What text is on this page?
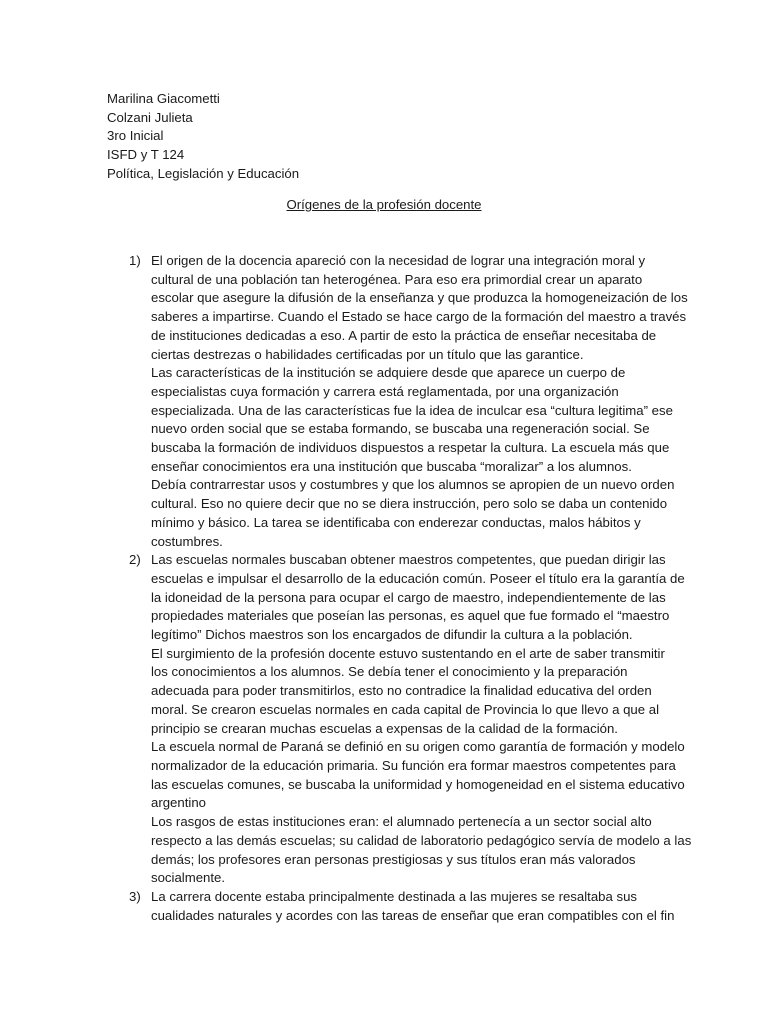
Marilina Giacometti
Colzani Julieta
3ro Inicial
ISFD y T 124
Política, Legislación y Educación
Orígenes de la profesión docente
1) El origen de la docencia apareció con la necesidad de lograr una integración moral y
cultural de una población tan heterogénea. Para eso era primordial crear un aparato
escolar que asegure la difusión de la enseñanza y que produzca la homogeneización de los
saberes a impartirse. Cuando el Estado se hace cargo de la formación del maestro a través
de instituciones dedicadas a eso. A partir de esto la práctica de enseñar necesitaba de
ciertas destrezas o habilidades certificadas por un título que las garantice.
Las características de la institución se adquiere desde que aparece un cuerpo de
especialistas cuya formación y carrera está reglamentada, por una organización
especializada. Una de las características fue la idea de inculcar esa “cultura legitima” ese
nuevo orden social que se estaba formando, se buscaba una regeneración social. Se
buscaba la formación de individuos dispuestos a respetar la cultura. La escuela más que
enseñar conocimientos era una institución que buscaba “moralizar” a los alumnos.
Debía contrarrestar usos y costumbres y que los alumnos se apropien de un nuevo orden
cultural. Eso no quiere decir que no se diera instrucción, pero solo se daba un contenido
mínimo y básico. La tarea se identificaba con enderezar conductas, malos hábitos y
costumbres.
2) Las escuelas normales buscaban obtener maestros competentes, que puedan dirigir las
escuelas e impulsar el desarrollo de la educación común. Poseer el título era la garantía de
la idoneidad de la persona para ocupar el cargo de maestro, independientemente de las
propiedades materiales que poseían las personas, es aquel que fue formado el “maestro
legítimo” Dichos maestros son los encargados de difundir la cultura a la población.
El surgimiento de la profesión docente estuvo sustentando en el arte de saber transmitir
los conocimientos a los alumnos. Se debía tener el conocimiento y la preparación
adecuada para poder transmitirlos, esto no contradice la finalidad educativa del orden
moral. Se crearon escuelas normales en cada capital de Provincia lo que llevo a que al
principio se crearan muchas escuelas a expensas de la calidad de la formación.
La escuela normal de Paraná se definió en su origen como garantía de formación y modelo
normalizador de la educación primaria. Su función era formar maestros competentes para
las escuelas comunes, se buscaba la uniformidad y homogeneidad en el sistema educativo
argentino
Los rasgos de estas instituciones eran: el alumnado pertenecía a un sector social alto
respecto a las demás escuelas; su calidad de laboratorio pedagógico servía de modelo a las
demás; los profesores eran personas prestigiosas y sus títulos eran más valorados
socialmente.
3) La carrera docente estaba principalmente destinada a las mujeres se resaltaba sus
cualidades naturales y acordes con las tareas de enseñar que eran compatibles con el fin
